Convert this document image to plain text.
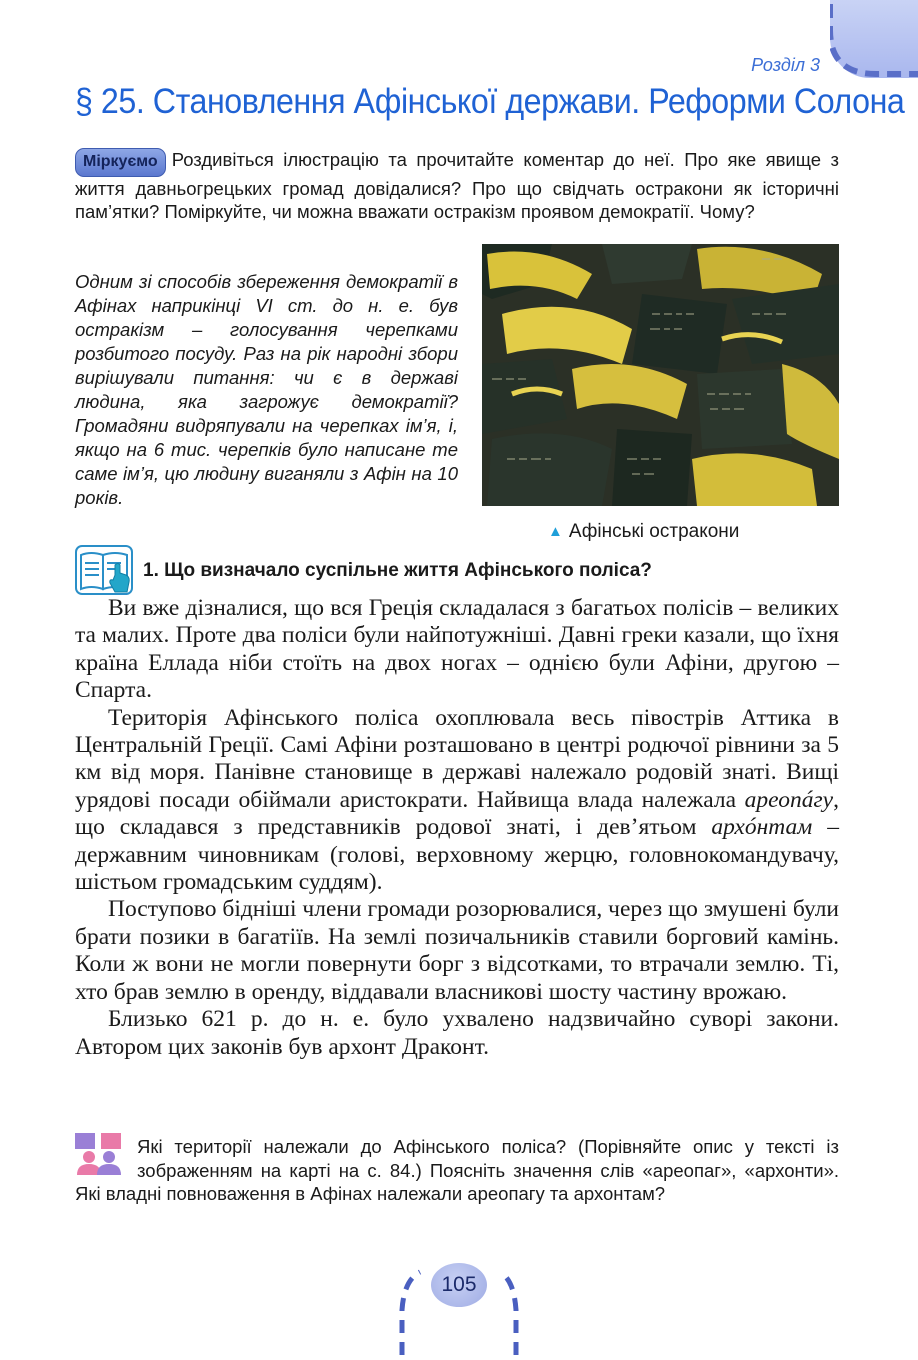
Розділ 3
§ 25. Становлення Афінської держави. Реформи Солона
Міркуємо Роздивіться ілюстрацію та прочитайте коментар до неї. Про яке явище з життя давньогрецьких громад довідалися? Про що свідчать остракони як історичні пам’ятки? Поміркуйте, чи можна вважати остракізм проявом демократії. Чому?
Одним зі способів збереження демократії в Афінах наприкінці VI ст. до н. е. був остракізм – голосування черепками розбитого посуду. Раз на рік народні збори вирішували питання: чи є в державі людина, яка загрожує демократії? Громадяни видряпували на черепках ім’я, і, якщо на 6 тис. черепків було написане те саме ім’я, цю людину виганяли з Афін на 10 років.
▲ Афінські остракони
1. Що визначало суспільне життя Афінського поліса?

Ви вже дізналися, що вся Греція складалася з багатьох полісів – великих та малих. Проте два поліси були найпотужніші. Давні греки казали, що їхня країна Еллада ніби стоїть на двох ногах – однією були Афіни, другою – Спарта.

Територія Афінського поліса охоплювала весь півострів Аттика в Центральній Греції. Самі Афіни розташовано в центрі родючої рівнини за 5 км від моря. Панівне становище в державі належало родовій знаті. Вищі урядові посади обіймали аристократи. Найвища влада належала ареопáгу, що складався з представників родової знаті, і дев’ятьом архóнтам – державним чиновникам (голові, верховному жерцю, головнокомандувачу, шістьом громадським суддям).

Поступово бідніші члени громади розорювалися, через що змушені були брати позики в багатіїв. На землі позичальників ставили борговий камінь. Коли ж вони не могли повернути борг з відсотками, то втрачали землю. Ті, хто брав землю в оренду, віддавали власникові шосту частину врожаю.

Близько 621 р. до н. е. було ухвалено надзвичайно суворі закони. Автором цих законів був архонт Драконт.

Які території належали до Афінського поліса? (Порівняйте опис у тексті із зображенням на карті на с. 84.) Поясніть значення слів «ареопаг», «архонти». Які владні повноваження в Афінах належали ареопагу та архонтам?
105
